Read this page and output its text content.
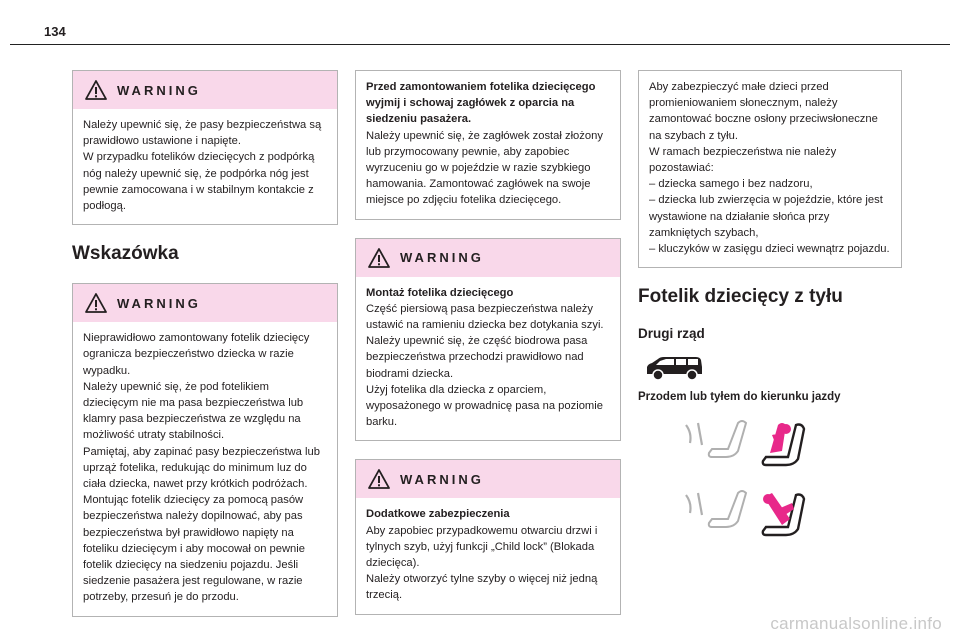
134
WARNING

Należy upewnić się, że pasy bezpieczeństwa są prawidłowo ustawione i napięte.

W przypadku fotelików dziecięcych z podpórką nóg należy upewnić się, że podpórka nóg jest pewnie zamocowana i w stabilnym kontakcie z podłogą.

Wskazówka
WARNING

Nieprawidłowo zamontowany fotelik dziecięcy ogranicza bezpieczeństwo dziecka w razie wypadku.

Należy upewnić się, że pod fotelikiem dziecięcym nie ma pasa bezpieczeństwa lub klamry pasa bezpieczeństwa ze względu na możliwość utraty stabilności.

Pamiętaj, aby zapinać pasy bezpieczeństwa lub uprząż fotelika, redukując do minimum luz do ciała dziecka, nawet przy krótkich podróżach.

Montując fotelik dziecięcy za pomocą pasów bezpieczeństwa należy dopilnować, aby pas bezpieczeństwa był prawidłowo napięty na foteliku dziecięcym i aby mocował on pewnie fotelik dziecięcy na siedzeniu pojazdu. Jeśli siedzenie pasażera jest regulowane, w razie potrzeby, przesuń je do przodu.

Przed zamontowaniem fotelika dziecięcego wyjmij i schowaj zagłówek z oparcia na siedzeniu pasażera.

Należy upewnić się, że zagłówek został złożony lub przymocowany pewnie, aby zapobiec wyrzuceniu go w pojeździe w razie szybkiego hamowania. Zamontować zagłówek na swoje miejsce po zdjęciu fotelika dziecięcego.

WARNING

Montaż fotelika dziecięcego

Część piersiową pasa bezpieczeństwa należy ustawić na ramieniu dziecka bez dotykania szyi.

Należy upewnić się, że część biodrowa pasa bezpieczeństwa przechodzi prawidłowo nad biodrami dziecka.

Użyj fotelika dla dziecka z oparciem, wyposażonego w prowadnicę pasa na poziomie barku.

WARNING

Dodatkowe zabezpieczenia

Aby zapobiec przypadkowemu otwarciu drzwi i tylnych szyb, użyj funkcji „Child lock” (Blokada dziecięca).

Należy otworzyć tylne szyby o więcej niż jedną trzecią.

Aby zabezpieczyć małe dzieci przed promieniowaniem słonecznym, należy zamontować boczne osłony przeciwsłoneczne na szybach z tyłu.

W ramach bezpieczeństwa nie należy pozostawiać:

– dziecka samego i bez nadzoru,

– dziecka lub zwierzęcia w pojeździe, które jest wystawione na działanie słońca przy zamkniętych szybach,

– kluczyków w zasięgu dzieci wewnątrz pojazdu.

Fotelik dziecięcy z tyłu
Drugi rząd
Przodem lub tyłem do kierunku jazdy
carmanualsonline.info
